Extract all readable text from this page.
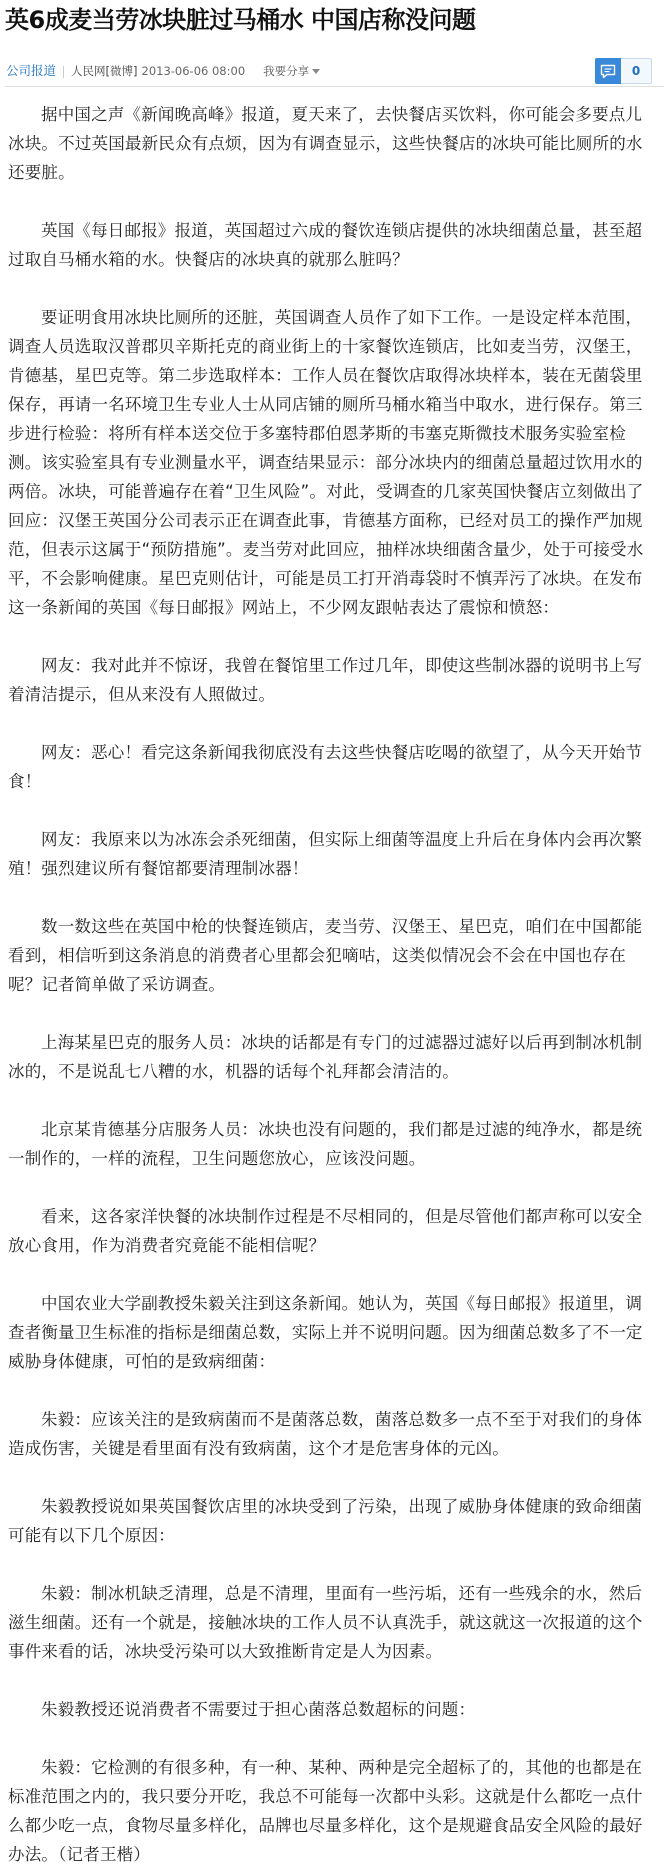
英6成麦当劳冰块脏过马桶水 中国店称没问题
公司报道 人民网[微博] 2013-06-06 08:00 我要分享	0

据中国之声《新闻晚高峰》报道，夏天来了，去快餐店买饮料，你可能会多要点儿冰块。不过英国最新民众有点烦，因为有调查显示，这些快餐店的冰块可能比厕所的水还要脏。

英国《每日邮报》报道，英国超过六成的餐饮连锁店提供的冰块细菌总量，甚至超过取自马桶水箱的水。快餐店的冰块真的就那么脏吗？

要证明食用冰块比厕所的还脏，英国调查人员作了如下工作。一是设定样本范围，调查人员选取汉普郡贝辛斯托克的商业街上的十家餐饮连锁店，比如麦当劳，汉堡王，肯德基，星巴克等。第二步选取样本：工作人员在餐饮店取得冰块样本，装在无菌袋里保存，再请一名环境卫生专业人士从同店铺的厕所马桶水箱当中取水，进行保存。第三步进行检验：将所有样本送交位于多塞特郡伯恩茅斯的韦塞克斯微技术服务实验室检测。该实验室具有专业测量水平，调查结果显示：部分冰块内的细菌总量超过饮用水的两倍。冰块，可能普遍存在着“卫生风险”。对此，受调查的几家英国快餐店立刻做出了回应：汉堡王英国分公司表示正在调查此事，肯德基方面称，已经对员工的操作严加规范，但表示这属于“预防措施”。麦当劳对此回应，抽样冰块细菌含量少，处于可接受水平，不会影响健康。星巴克则估计，可能是员工打开消毒袋时不慎弄污了冰块。在发布这一条新闻的英国《每日邮报》网站上，不少网友跟帖表达了震惊和愤怒：

网友：我对此并不惊讶，我曾在餐馆里工作过几年，即使这些制冰器的说明书上写着清洁提示，但从来没有人照做过。

网友：恶心！看完这条新闻我彻底没有去这些快餐店吃喝的欲望了，从今天开始节食！

网友：我原来以为冰冻会杀死细菌，但实际上细菌等温度上升后在身体内会再次繁殖！强烈建议所有餐馆都要清理制冰器！

数一数这些在英国中枪的快餐连锁店，麦当劳、汉堡王、星巴克，咱们在中国都能看到，相信听到这条消息的消费者心里都会犯嘀咕，这类似情况会不会在中国也存在呢？记者简单做了采访调查。

上海某星巴克的服务人员：冰块的话都是有专门的过滤器过滤好以后再到制冰机制冰的，不是说乱七八糟的水，机器的话每个礼拜都会清洁的。

北京某肯德基分店服务人员：冰块也没有问题的，我们都是过滤的纯净水，都是统一制作的，一样的流程，卫生问题您放心，应该没问题。

看来，这各家洋快餐的冰块制作过程是不尽相同的，但是尽管他们都声称可以安全放心食用，作为消费者究竟能不能相信呢？

中国农业大学副教授朱毅关注到这条新闻。她认为，英国《每日邮报》报道里，调查者衡量卫生标准的指标是细菌总数，实际上并不说明问题。因为细菌总数多了不一定威胁身体健康，可怕的是致病细菌：

朱毅：应该关注的是致病菌而不是菌落总数，菌落总数多一点不至于对我们的身体造成伤害，关键是看里面有没有致病菌，这个才是危害身体的元凶。

朱毅教授说如果英国餐饮店里的冰块受到了污染，出现了威胁身体健康的致命细菌可能有以下几个原因：

朱毅：制冰机缺乏清理，总是不清理，里面有一些污垢，还有一些残余的水，然后滋生细菌。还有一个就是，接触冰块的工作人员不认真洗手，就这就这一次报道的这个事件来看的话，冰块受污染可以大致推断肯定是人为因素。

朱毅教授还说消费者不需要过于担心菌落总数超标的问题：

朱毅：它检测的有很多种，有一种、某种、两种是完全超标了的，其他的也都是在标准范围之内的，我只要分开吃，我总不可能每一次都中头彩。这就是什么都吃一点什么都少吃一点，食物尽量多样化，品牌也尽量多样化，这个是规避食品安全风险的最好办法。（记者王楷）
